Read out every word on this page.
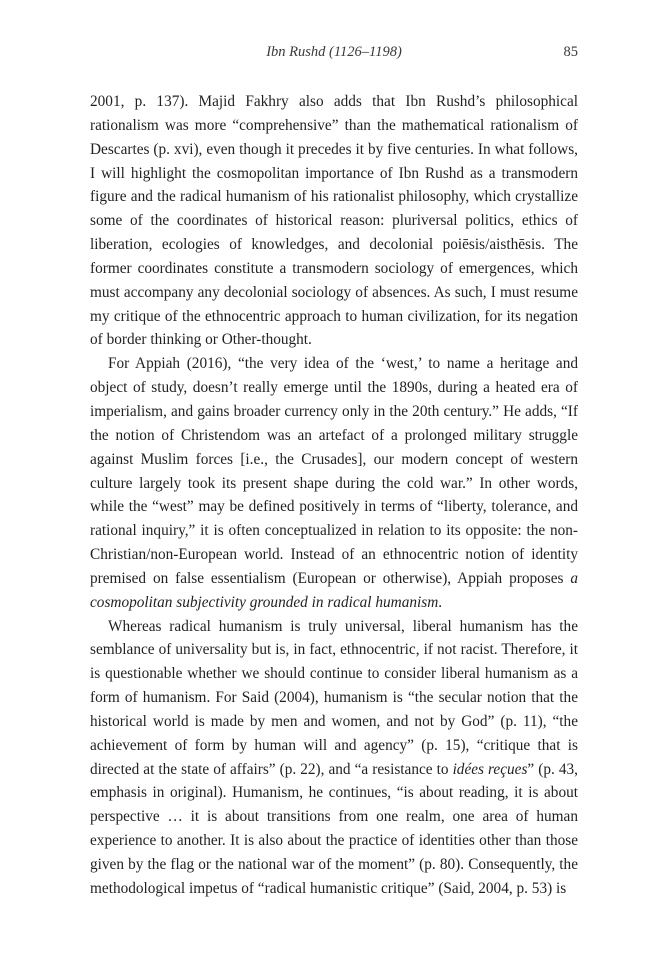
Ibn Rushd (1126–1198)	85

2001, p. 137). Majid Fakhry also adds that Ibn Rushd’s philosophical rationalism was more “comprehensive” than the mathematical rationalism of Descartes (p. xvi), even though it precedes it by five centuries. In what follows, I will highlight the cosmopolitan importance of Ibn Rushd as a transmodern figure and the radical humanism of his rationalist philosophy, which crystallize some of the coordinates of historical reason: pluriversal politics, ethics of liberation, ecologies of knowledges, and decolonial poiēsis/aisthēsis. The former coordinates constitute a transmodern sociology of emergences, which must accompany any decolonial sociology of absences. As such, I must resume my critique of the ethnocentric approach to human civilization, for its negation of border thinking or Other-thought.

For Appiah (2016), “the very idea of the ‘west,’ to name a heritage and object of study, doesn’t really emerge until the 1890s, during a heated era of imperialism, and gains broader currency only in the 20th century.” He adds, “If the notion of Christendom was an artefact of a prolonged military struggle against Muslim forces [i.e., the Crusades], our modern concept of western culture largely took its present shape during the cold war.” In other words, while the “west” may be defined positively in terms of “liberty, tolerance, and rational inquiry,” it is often conceptualized in relation to its opposite: the non-Christian/non-European world. Instead of an ethnocentric notion of identity premised on false essentialism (European or otherwise), Appiah proposes a cosmopolitan subjectivity grounded in radical humanism.

Whereas radical humanism is truly universal, liberal humanism has the semblance of universality but is, in fact, ethnocentric, if not racist. Therefore, it is questionable whether we should continue to consider liberal humanism as a form of humanism. For Said (2004), humanism is “the secular notion that the historical world is made by men and women, and not by God” (p. 11), “the achievement of form by human will and agency” (p. 15), “critique that is directed at the state of affairs” (p. 22), and “a resistance to idées reçues” (p. 43, emphasis in original). Humanism, he continues, “is about reading, it is about perspective … it is about transitions from one realm, one area of human experience to another. It is also about the practice of identities other than those given by the flag or the national war of the moment” (p. 80). Consequently, the methodological impetus of “radical humanistic critique” (Said, 2004, p. 53) is
